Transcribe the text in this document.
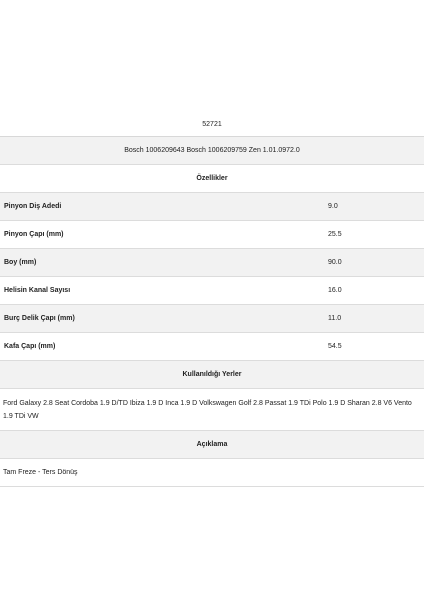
52721
Bosch 1006209643 Bosch 1006209759 Zen 1.01.0972.0
Özellikler
Pinyon Diş Adedi	9.0
Pinyon Çapı (mm)	25.5
Boy (mm)	90.0
Helisin Kanal Sayısı	16.0
Burç Delik Çapı (mm)	11.0
Kafa Çapı (mm)	54.5
Kullanıldığı Yerler
Ford Galaxy 2.8 Seat Cordoba 1.9 D/TD Ibiza 1.9 D Inca 1.9 D Volkswagen Golf 2.8 Passat 1.9 TDi Polo 1.9 D Sharan 2.8 V6 Vento 1.9 TDi VW
Açıklama
Tam Freze - Ters Dönüş
